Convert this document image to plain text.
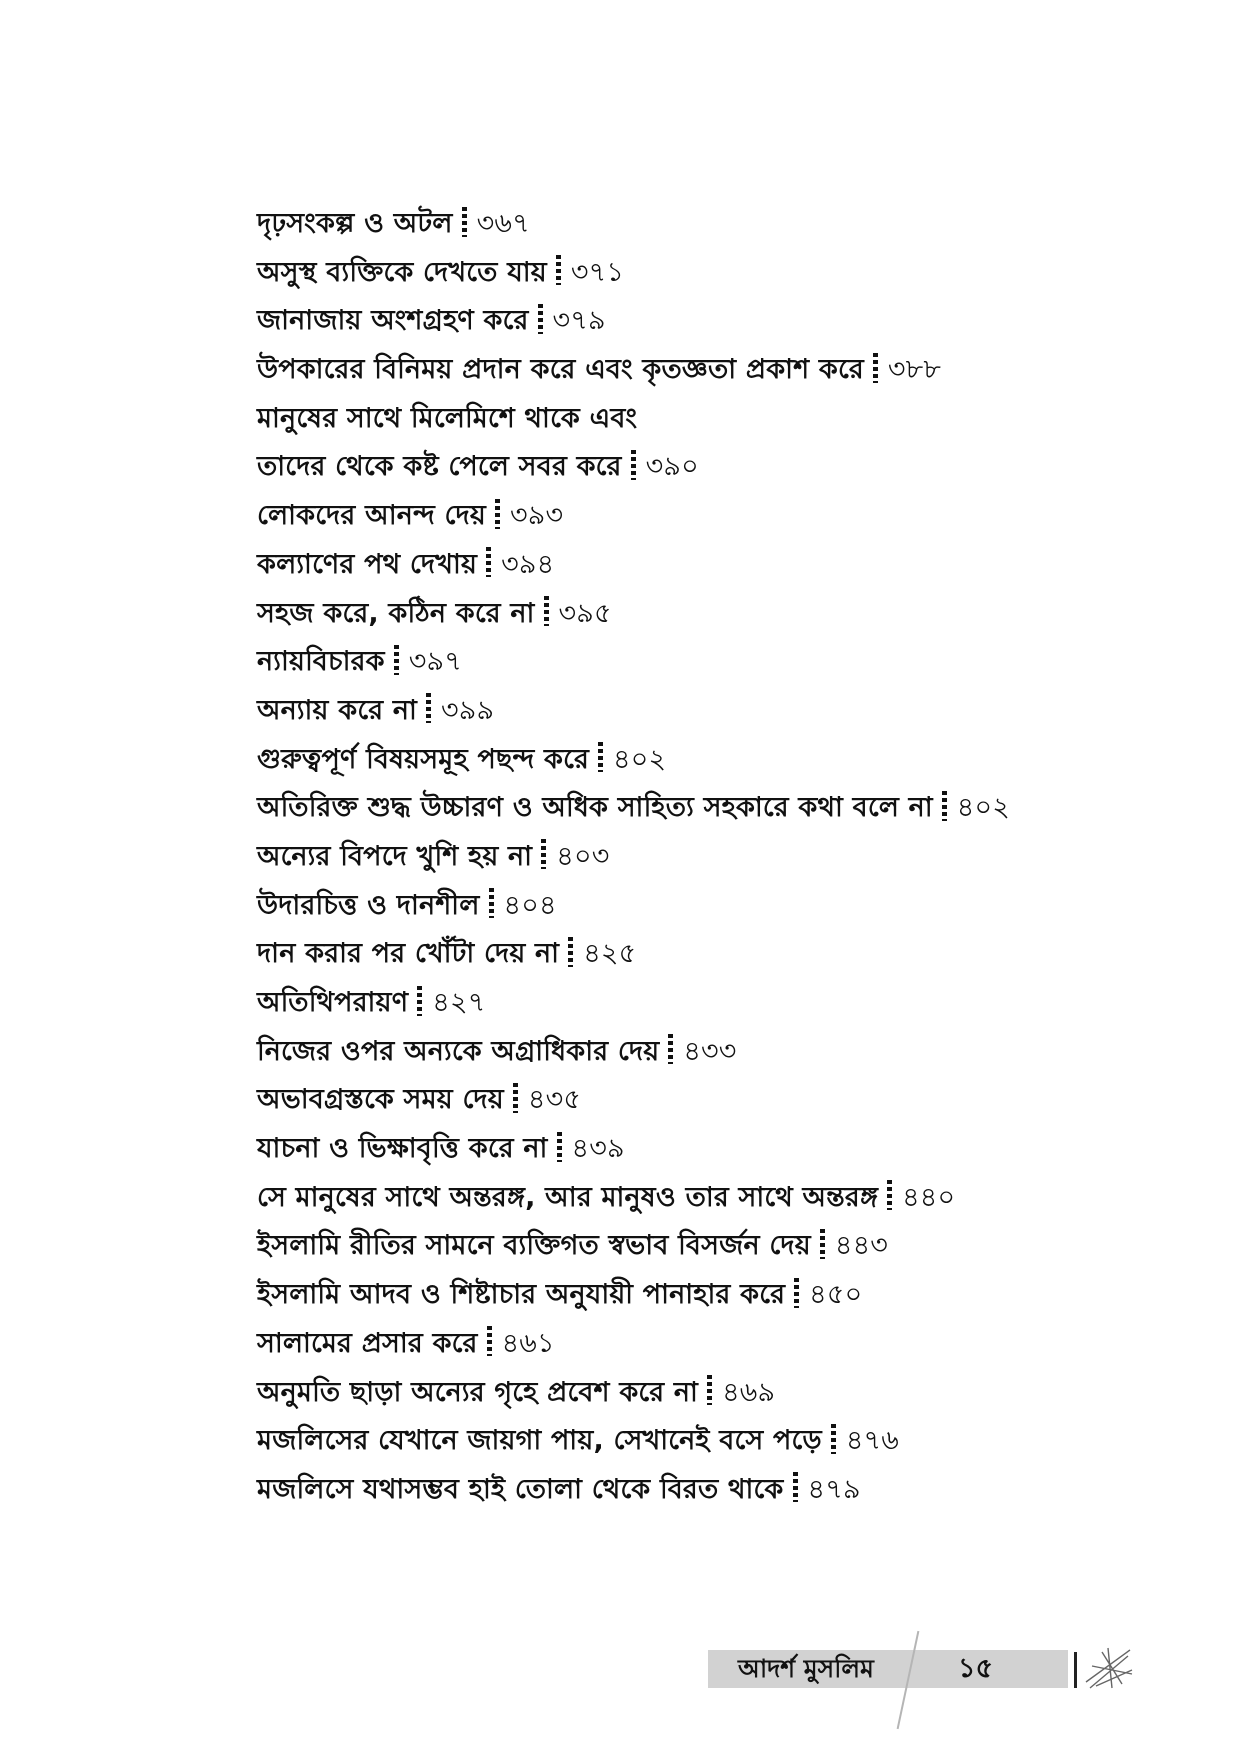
দৃঢ়সংকল্প ও অটল ৩৬৭
অসুস্থ ব্যক্তিকে দেখতে যায় ৩৭১
জানাজায় অংশগ্রহণ করে ৩৭৯
উপকারের বিনিময় প্রদান করে এবং কৃতজ্ঞতা প্রকাশ করে ৩৮৮
মানুষের সাথে মিলেমিশে থাকে এবং
তাদের থেকে কষ্ট পেলে সবর করে ৩৯০
লোকদের আনন্দ দেয় ৩৯৩
কল্যাণের পথ দেখায় ৩৯৪
সহজ করে, কঠিন করে না ৩৯৫
ন্যায়বিচারক ৩৯৭
অন্যায় করে না ৩৯৯
গুরুত্বপূর্ণ বিষয়সমূহ পছন্দ করে ৪০২
অতিরিক্ত শুদ্ধ উচ্চারণ ও অধিক সাহিত্য সহকারে কথা বলে না ৪০২
অন্যের বিপদে খুশি হয় না ৪০৩
উদারচিত্ত ও দানশীল ৪০৪
দান করার পর খোঁটা দেয় না ৪২৫
অতিথিপরায়ণ ৪২৭
নিজের ওপর অন্যকে অগ্রাধিকার দেয় ৪৩৩
অভাবগ্রস্তকে সময় দেয় ৪৩৫
যাচনা ও ভিক্ষাবৃত্তি করে না ৪৩৯
সে মানুষের সাথে অন্তরঙ্গ, আর মানুষও তার সাথে অন্তরঙ্গ ৪৪০
ইসলামি রীতির সামনে ব্যক্তিগত স্বভাব বিসর্জন দেয় ৪৪৩
ইসলামি আদব ও শিষ্টাচার অনুযায়ী পানাহার করে ৪৫০
সালামের প্রসার করে ৪৬১
অনুমতি ছাড়া অন্যের গৃহে প্রবেশ করে না ৪৬৯
মজলিসের যেখানে জায়গা পায়, সেখানেই বসে পড়ে ৪৭৬
মজলিসে যথাসম্ভব হাই তোলা থেকে বিরত থাকে ৪৭৯
আদর্শ মুসলিম	১৫
